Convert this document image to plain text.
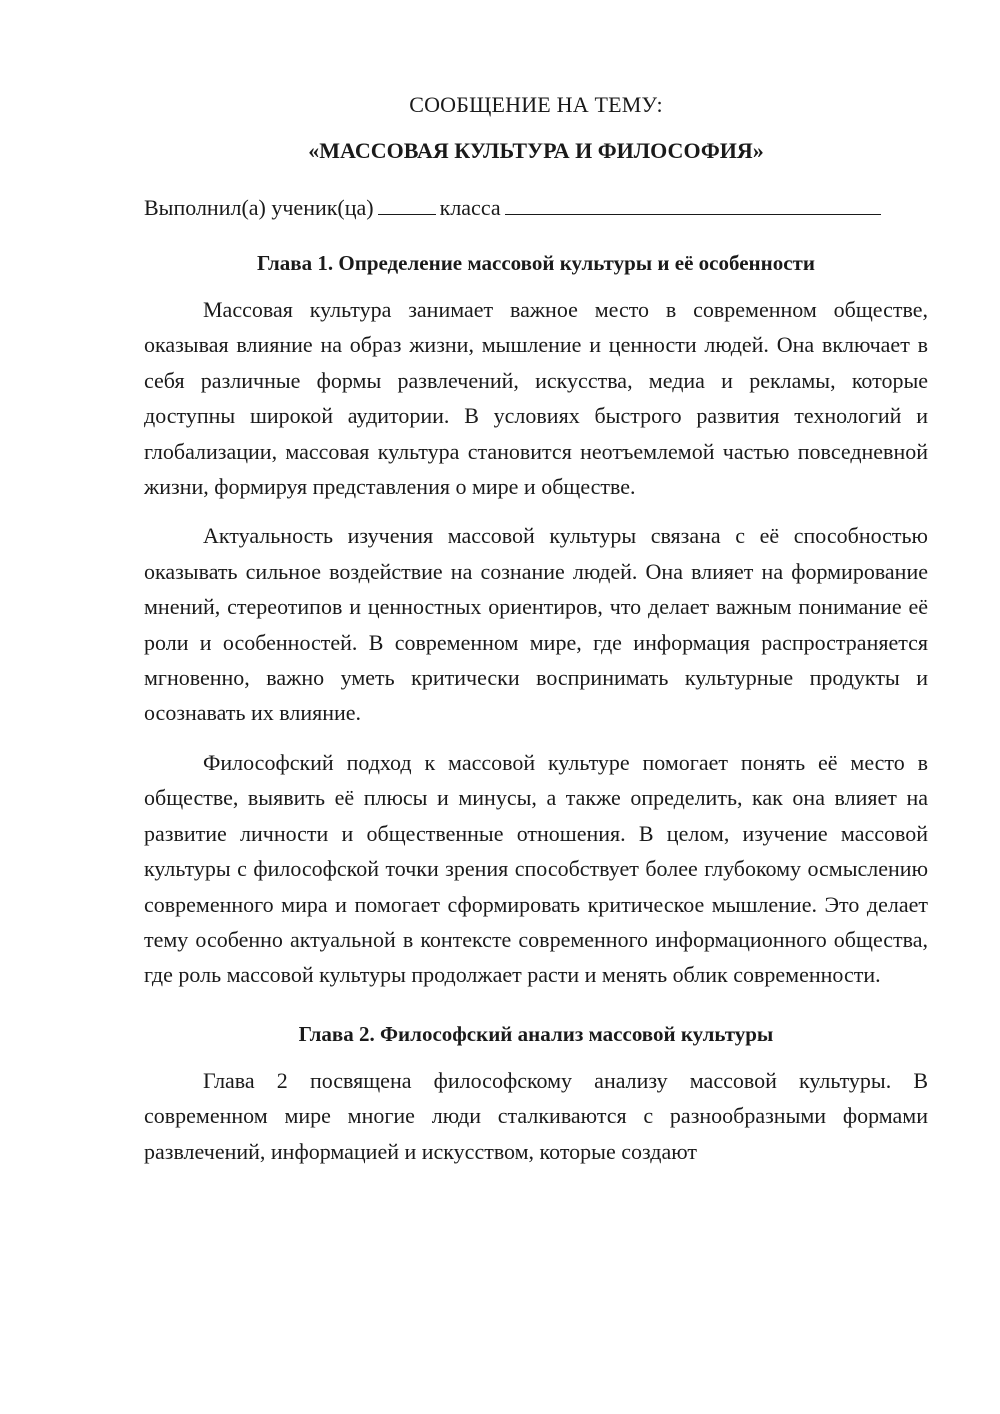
СООБЩЕНИЕ НА ТЕМУ:

«МАССОВАЯ КУЛЬТУРА И ФИЛОСОФИЯ»

Выполнил(а) ученик(ца)	класса

Глава 1. Определение массовой культуры и её особенности

Массовая культура занимает важное место в современном обществе, оказывая влияние на образ жизни, мышление и ценности людей. Она включает в себя различные формы развлечений, искусства, медиа и рекламы, которые доступны широкой аудитории. В условиях быстрого развития технологий и глобализации, массовая культура становится неотъемлемой частью повседневной жизни, формируя представления о мире и обществе.

Актуальность изучения массовой культуры связана с её способностью оказывать сильное воздействие на сознание людей. Она влияет на формирование мнений, стереотипов и ценностных ориентиров, что делает важным понимание её роли и особенностей. В современном мире, где информация распространяется мгновенно, важно уметь критически воспринимать культурные продукты и осознавать их влияние.

Философский подход к массовой культуре помогает понять её место в обществе, выявить её плюсы и минусы, а также определить, как она влияет на развитие личности и общественные отношения. В целом, изучение массовой культуры с философской точки зрения способствует более глубокому осмыслению современного мира и помогает сформировать критическое мышление. Это делает тему особенно актуальной в контексте современного информационного общества, где роль массовой культуры продолжает расти и менять облик современности.

Глава 2. Философский анализ массовой культуры

Глава 2 посвящена философскому анализу массовой культуры. В современном мире многие люди сталкиваются с разнообразными формами развлечений, информацией и искусством, которые создают
